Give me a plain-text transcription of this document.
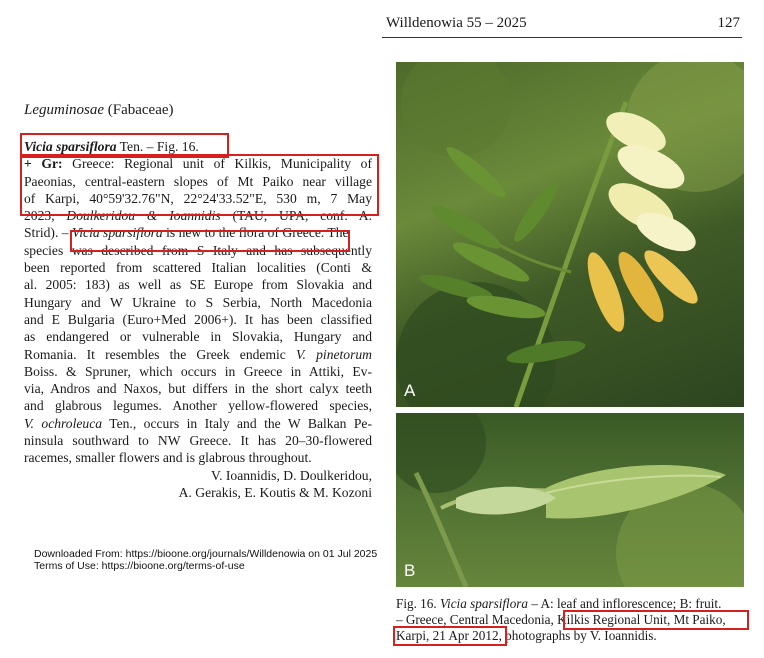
Willdenowia 55 – 2025	127
Leguminosae (Fabaceae)
Vicia sparsiflora Ten. – Fig. 16.
+ Gr: Greece: Regional unit of Kilkis, Municipality of
Paeonias, central-eastern slopes of Mt Paiko near village
of Karpi, 40°59'32.76"N, 22°24'33.52"E, 530 m, 7 May
2023, Doulkeridou & Ioannidis (TAU, UPA, conf. A.
Strid). – Vicia sparsiflora is new to the flora of Greece. The
species was described from S Italy and has subsequently
been reported from scattered Italian localities (Conti &
al. 2005: 183) as well as SE Europe from Slovakia and
Hungary and W Ukraine to S Serbia, North Macedonia
and E Bulgaria (Euro+Med 2006+). It has been classified
as endangered or vulnerable in Slovakia, Hungary and
Romania. It resembles the Greek endemic V. pinetorum
Boiss. & Spruner, which occurs in Greece in Attiki, Ev-
via, Andros and Naxos, but differs in the short calyx teeth
and glabrous legumes. Another yellow-flowered species,
V. ochroleuca Ten., occurs in Italy and the W Balkan Pe-
ninsula southward to NW Greece. It has 20–30-flowered
racemes, smaller flowers and is glabrous throughout.
V. Ioannidis, D. Doulkeridou,
A. Gerakis, E. Koutis & M. Kozoni
Downloaded From: https://bioone.org/journals/Willdenowia on 01 Jul 2025
Terms of Use: https://bioone.org/terms-of-use
A
B
Fig. 16. Vicia sparsiflora – A: leaf and inflorescence; B: fruit.
– Greece, Central Macedonia, Kilkis Regional Unit, Mt Paiko,
Karpi, 21 Apr 2012, photographs by V. Ioannidis.
